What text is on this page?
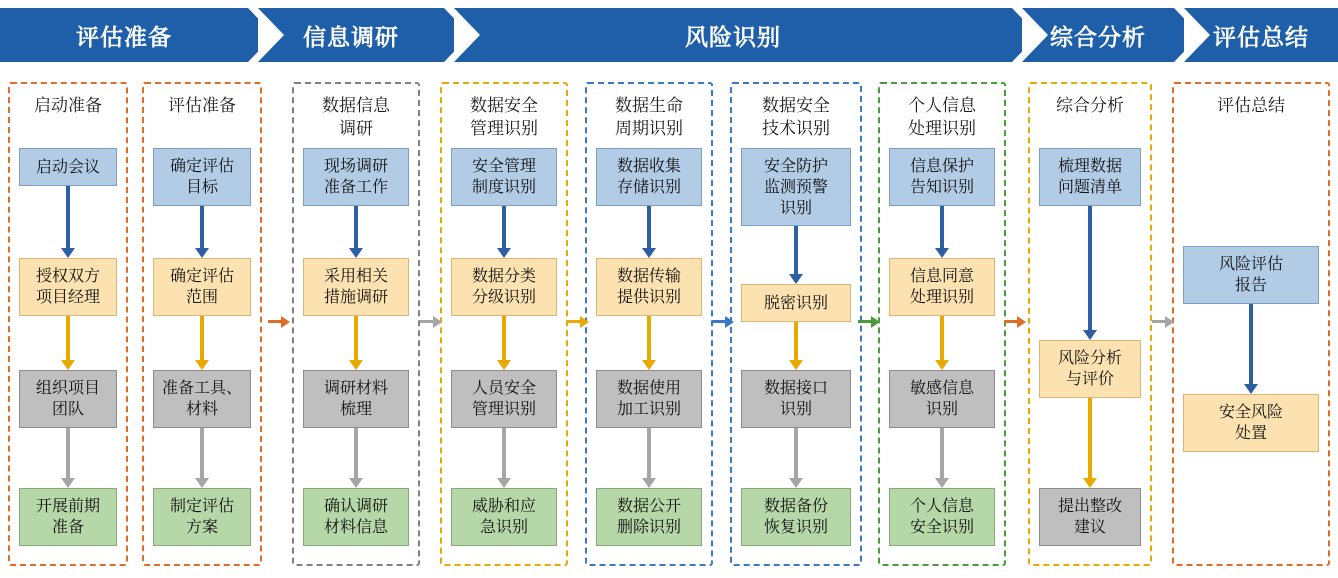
评估准备	信息调研	风险识别	综合分析	评估总结
启动准备
启动会议
授权双方
项目经理
组织项目
团队
开展前期
准备
评估准备
确定评估
目标
确定评估
范围
准备工具、
材料
制定评估
方案
数据信息
调研
现场调研
准备工作
采用相关
措施调研
调研材料
梳理
确认调研
材料信息
数据安全
管理识别
安全管理
制度识别
数据分类
分级识别
人员安全
管理识别
威胁和应
急识别
数据生命
周期识别
数据收集
存储识别
数据传输
提供识别
数据使用
加工识别
数据公开
删除识别
数据安全
技术识别
安全防护
监测预警
识别
脱密识别
数据接口
识别
数据备份
恢复识别
个人信息
处理识别
信息保护
告知识别
信息同意
处理识别
敏感信息
识别
个人信息
安全识别
综合分析
梳理数据
问题清单
风险分析
与评价
提出整改
建议
评估总结
风险评估
报告
安全风险
处置
